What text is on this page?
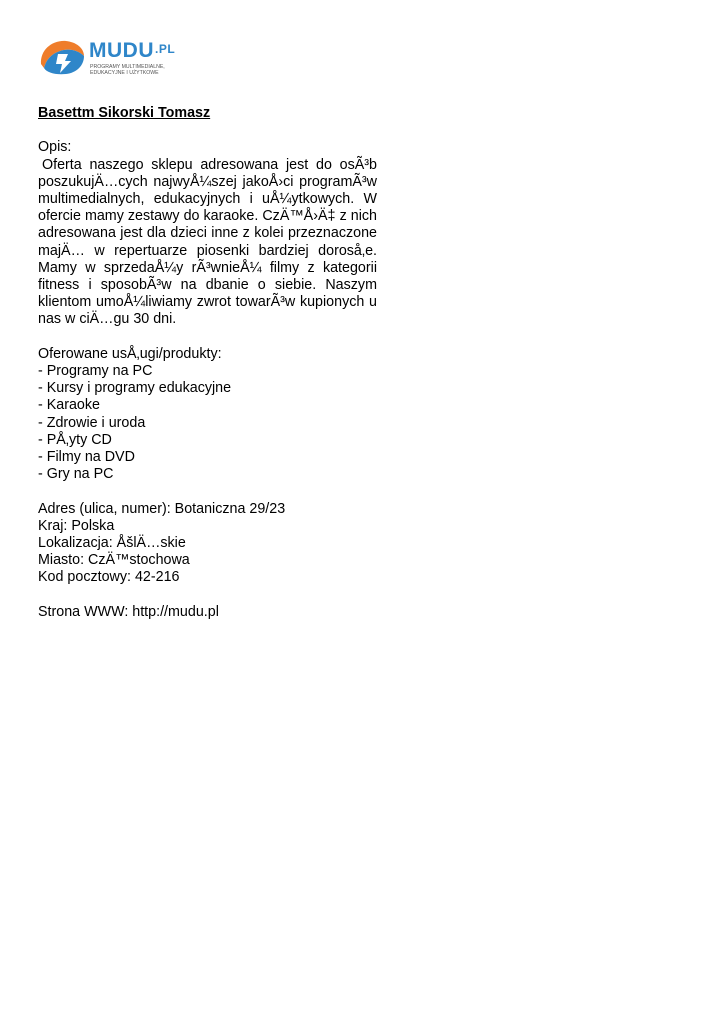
MUDU.PL
PROGRAMY MULTIMEDIALNE,
EDUKACYJNE I UŻYTKOWE

Basettm Sikorski Tomasz

Opis:

Oferta naszego sklepu adresowana jest do osÃ³b poszukujÄ…cych najwyÅ¼szej jakoÅ›ci programÃ³w multimedialnych, edukacyjnych i uÅ¼ytkowych. W ofercie mamy zestawy do karaoke. CzÄ™Å›Ä‡ z nich adresowana jest dla dzieci inne z kolei przeznaczone majÄ… w repertuarze piosenki bardziej doroså‚e. Mamy w sprzedaÅ¼y rÃ³wnieÅ¼ filmy z kategorii fitness i sposobÃ³w na dbanie o siebie. Naszym klientom umoÅ¼liwiamy zwrot towarÃ³w kupionych u nas w ciÄ…gu 30 dni.

Oferowane usÅ‚ugi/produkty:

- Programy na PC
- Kursy i programy edukacyjne
- Karaoke
- Zdrowie i uroda
- PÅ‚yty CD
- Filmy na DVD
- Gry na PC

Adres (ulica, numer): Botaniczna 29/23

Kraj: Polska

Lokalizacja: ÅšlÄ…skie

Miasto: CzÄ™stochowa

Kod pocztowy: 42-216

Strona WWW: http://mudu.pl
